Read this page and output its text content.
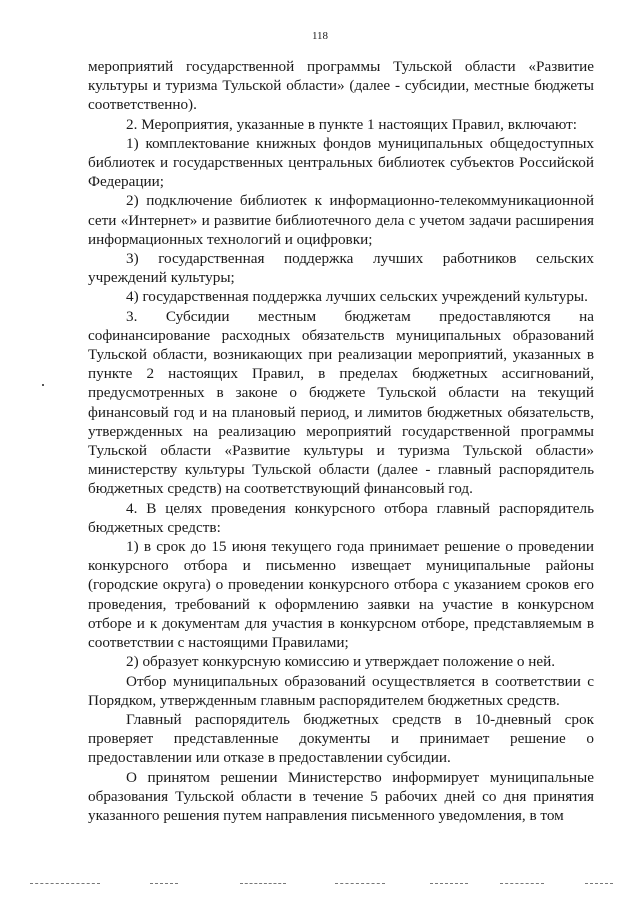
118

мероприятий государственной программы Тульской области «Развитие культуры и туризма Тульской области» (далее - субсидии, местные бюджеты соответственно).

2. Мероприятия, указанные в пункте 1 настоящих Правил, включают:

1) комплектование книжных фондов муниципальных общедоступных библиотек и государственных центральных библиотек субъектов Российской Федерации;

2) подключение библиотек к информационно-телекоммуникационной сети «Интернет» и развитие библиотечного дела с учетом задачи расширения информационных технологий и оцифровки;

3) государственная поддержка лучших работников сельских учреждений культуры;

4) государственная поддержка лучших сельских учреждений культуры.

3. Субсидии местным бюджетам предоставляются на софинансирование расходных обязательств муниципальных образований Тульской области, возникающих при реализации мероприятий, указанных в пункте 2 настоящих Правил, в пределах бюджетных ассигнований, предусмотренных в законе о бюджете Тульской области на текущий финансовый год и на плановый период, и лимитов бюджетных обязательств, утвержденных на реализацию мероприятий государственной программы Тульской области «Развитие культуры и туризма Тульской области» министерству культуры Тульской области (далее - главный распорядитель бюджетных средств) на соответствующий финансовый год.

4. В целях проведения конкурсного отбора главный распорядитель бюджетных средств:

1) в срок до 15 июня текущего года принимает решение о проведении конкурсного отбора и письменно извещает муниципальные районы (городские округа) о проведении конкурсного отбора с указанием сроков его проведения, требований к оформлению заявки на участие в конкурсном отборе и к документам для участия в конкурсном отборе, представляемым в соответствии с настоящими Правилами;

2) образует конкурсную комиссию и утверждает положение о ней.

Отбор муниципальных образований осуществляется в соответствии с Порядком, утвержденным главным распорядителем бюджетных средств.

Главный распорядитель бюджетных средств в 10-дневный срок проверяет представленные документы и принимает решение о предоставлении или отказе в предоставлении субсидии.

О принятом решении Министерство информирует муниципальные образования Тульской области в течение 5 рабочих дней со дня принятия указанного решения путем направления письменного уведомления, в том
